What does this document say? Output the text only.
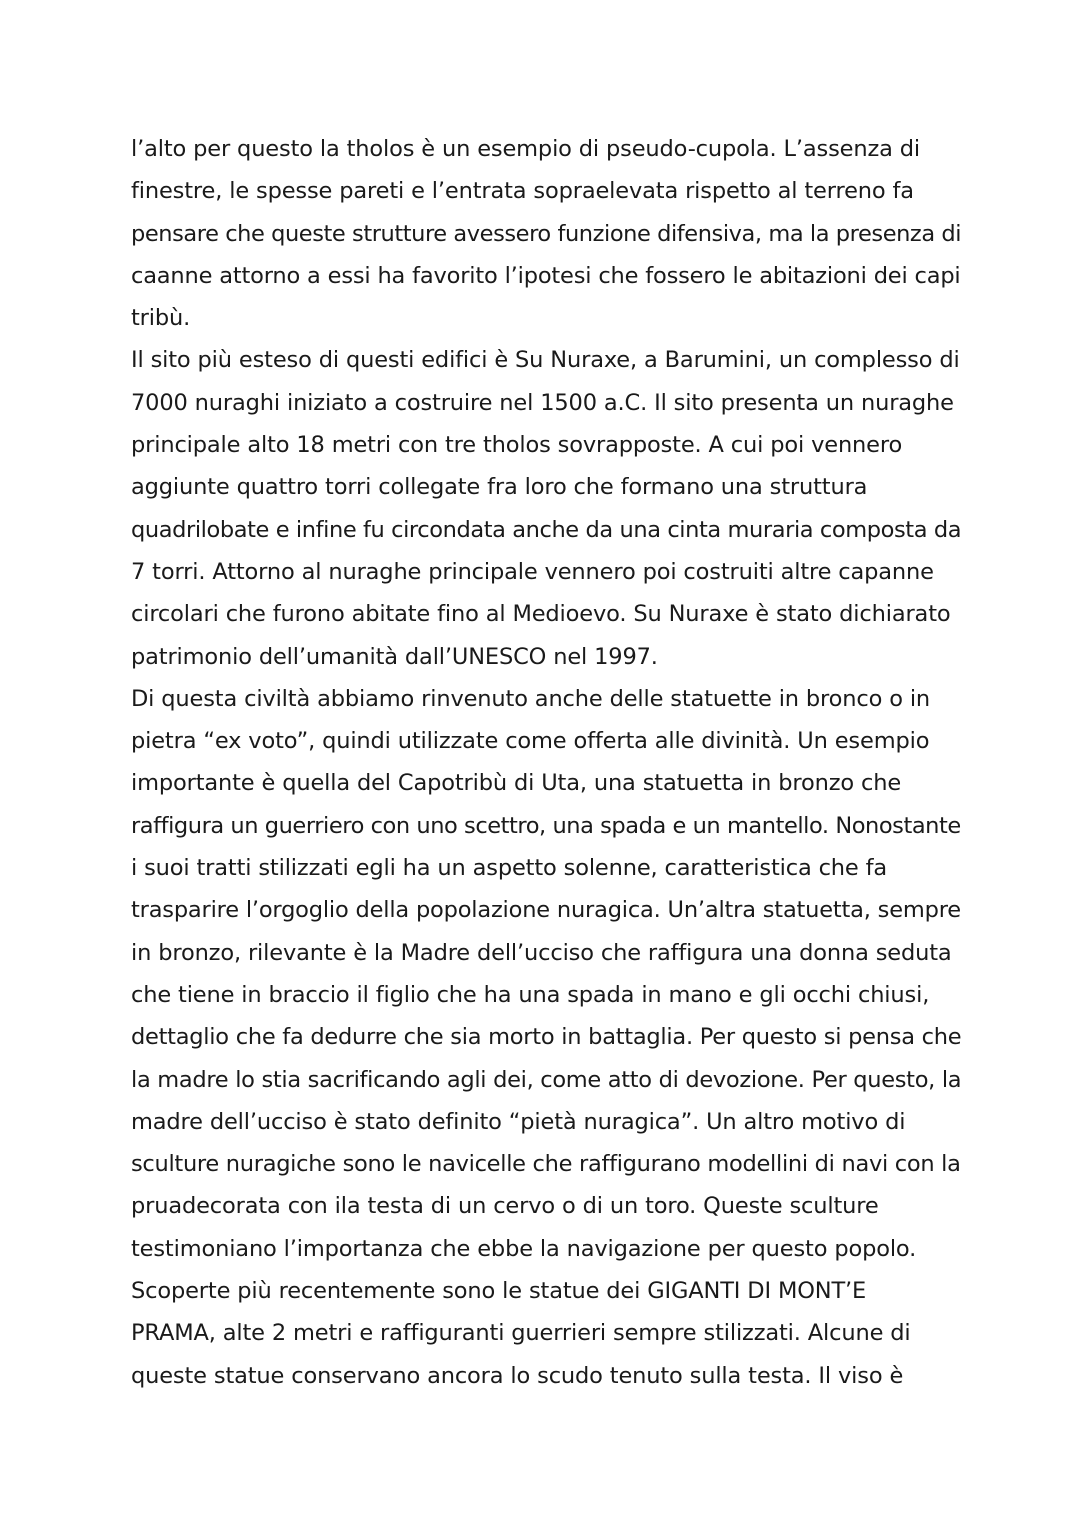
l’alto per questo la tholos è un esempio di pseudo-cupola. L’assenza di
finestre, le spesse pareti e l’entrata sopraelevata rispetto al terreno fa
pensare che queste strutture avessero funzione difensiva, ma la presenza di
caanne attorno a essi ha favorito l’ipotesi che fossero le abitazioni dei capi
tribù.
Il sito più esteso di questi edifici è Su Nuraxe, a Barumini, un complesso di
7000 nuraghi iniziato a costruire nel 1500 a.C. Il sito presenta un nuraghe
principale alto 18 metri con tre tholos sovrapposte. A cui poi vennero
aggiunte quattro torri collegate fra loro che formano una struttura
quadrilobate e infine fu circondata anche da una cinta muraria composta da
7 torri. Attorno al nuraghe principale vennero poi costruiti altre capanne
circolari che furono abitate fino al Medioevo. Su Nuraxe è stato dichiarato
patrimonio dell’umanità dall’UNESCO nel 1997.
Di questa civiltà abbiamo rinvenuto anche delle statuette in bronco o in
pietra “ex voto”, quindi utilizzate come offerta alle divinità. Un esempio
importante è quella del Capotribù di Uta, una statuetta in bronzo che
raffigura un guerriero con uno scettro, una spada e un mantello. Nonostante
i suoi tratti stilizzati egli ha un aspetto solenne, caratteristica che fa
trasparire l’orgoglio della popolazione nuragica. Un’altra statuetta, sempre
in bronzo, rilevante è la Madre dell’ucciso che raffigura una donna seduta
che tiene in braccio il figlio che ha una spada in mano e gli occhi chiusi,
dettaglio che fa dedurre che sia morto in battaglia. Per questo si pensa che
la madre lo stia sacrificando agli dei, come atto di devozione. Per questo, la
madre dell’ucciso è stato definito “pietà nuragica”. Un altro motivo di
sculture nuragiche sono le navicelle che raffigurano modellini di navi con la
pruadecorata con ila testa di un cervo o di un toro. Queste sculture
testimoniano l’importanza che ebbe la navigazione per questo popolo.
Scoperte più recentemente sono le statue dei GIGANTI DI MONT’E
PRAMA, alte 2 metri e raffiguranti guerrieri sempre stilizzati. Alcune di
queste statue conservano ancora lo scudo tenuto sulla testa. Il viso è
